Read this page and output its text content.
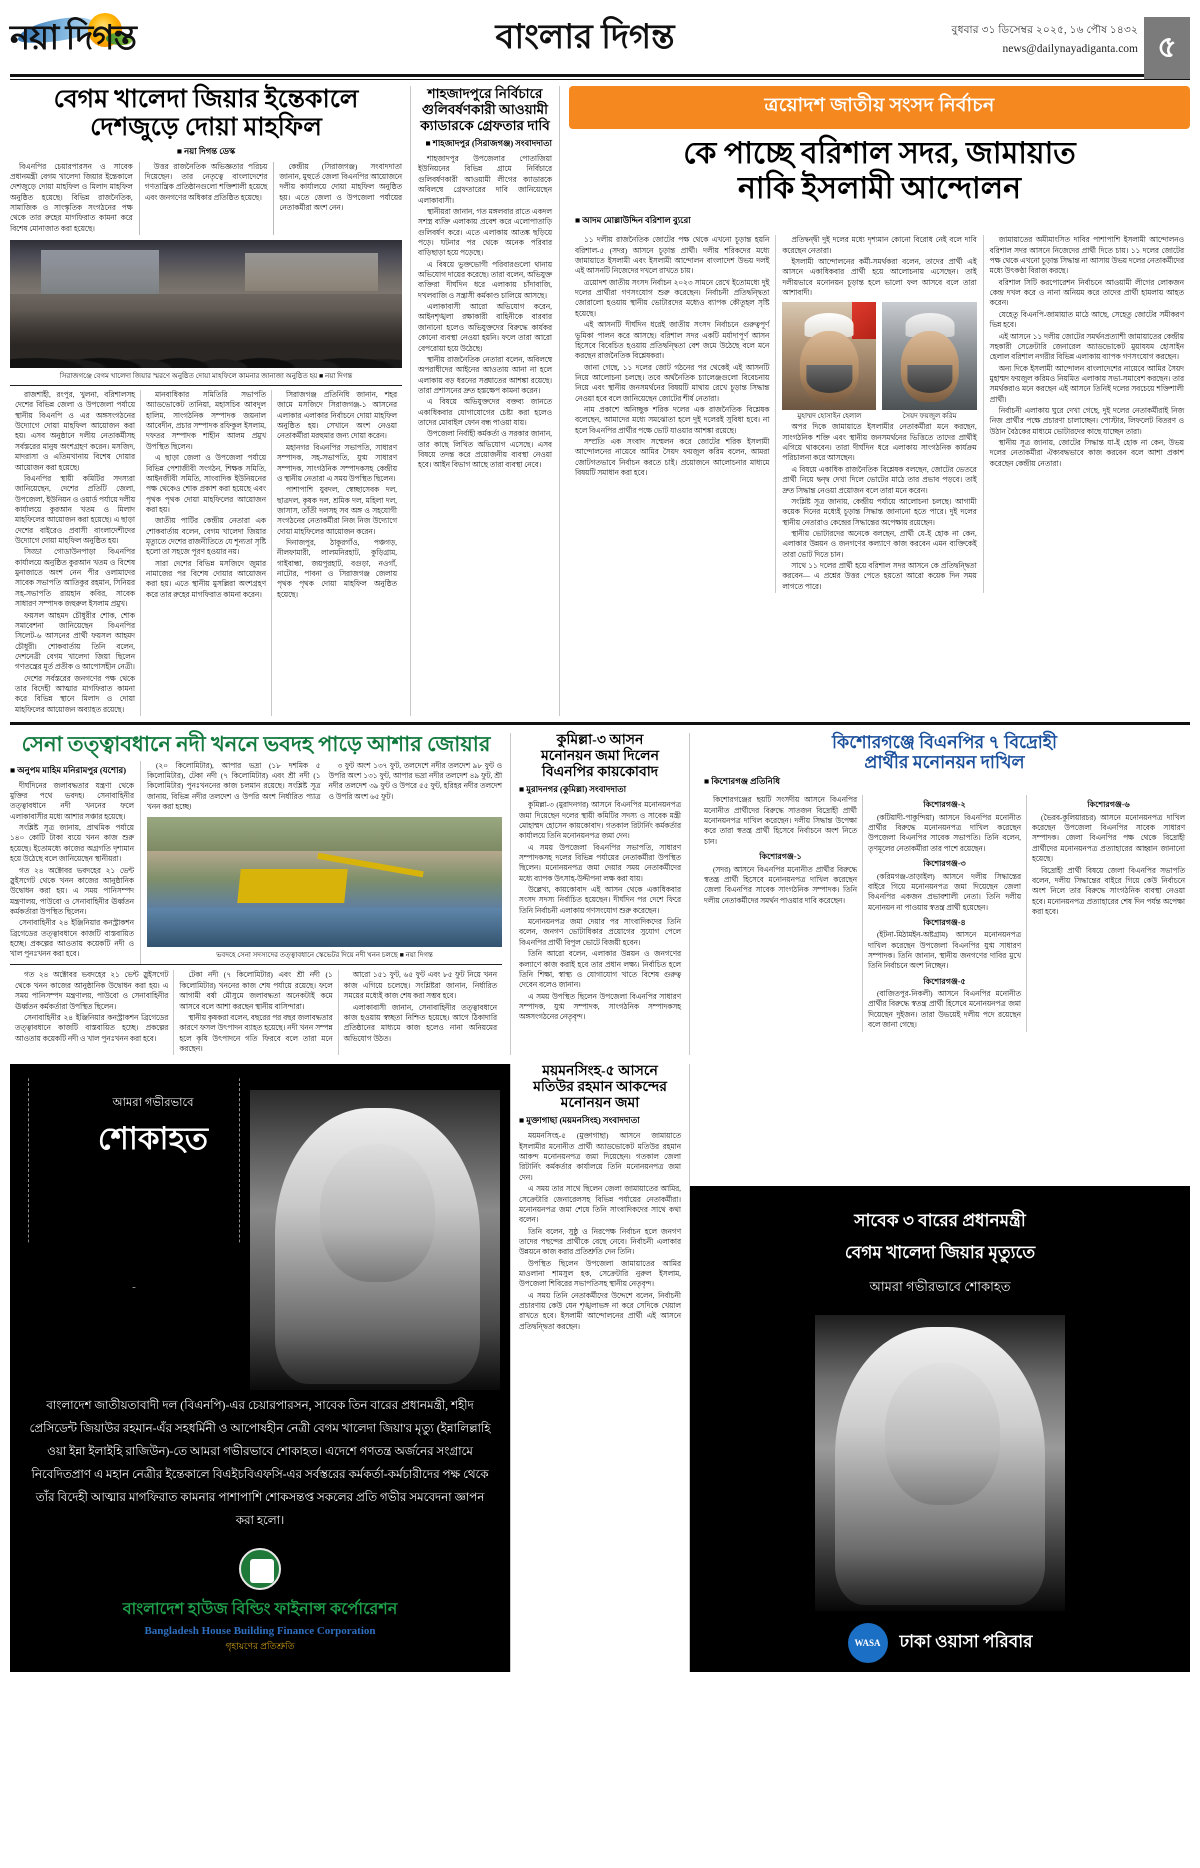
নয়া দিগন্ত	বাংলার দিগন্ত	বুধবার ৩১ ডিসেম্বর ২০২৫, ১৬ পৌষ ১৪৩২
news@dailynayadiganta.com ৫
বেগম খালেদা জিয়ার ইন্তেকালে
দেশজুড়ে দোয়া মাহফিল
■ নয়া দিগন্ত ডেস্ক

বিএনপির চেয়ারপারসন ও সাবেক প্রধানমন্ত্রী বেগম খালেদা জিয়ার ইন্তেকালে দেশজুড়ে দোয়া মাহফিল ও মিলাদ মাহফিল অনুষ্ঠিত হয়েছে। বিভিন্ন রাজনৈতিক, সামাজিক ও সাংস্কৃতিক সংগঠনের পক্ষ থেকে তার রুহের মাগফিরাত কামনা করে বিশেষ মোনাজাত করা হয়েছে।

উত্তর রাজনৈতিক অভিজ্ঞতার পরিচয় দিয়েছেন। তার নেতৃত্বে বাংলাদেশের গণতান্ত্রিক প্রতিষ্ঠানগুলো শক্তিশালী হয়েছে এবং জনগণের অধিকার প্রতিষ্ঠিত হয়েছে।

কেন্দ্রীয় (সিরাজগঞ্জ) সংবাদদাতা জানান, মুহুর্তে জেলা বিএনপির আয়োজনে দলীয় কার্যালয়ে দোয়া মাহফিল অনুষ্ঠিত হয়। এতে জেলা ও উপজেলা পর্যায়ের নেতাকর্মীরা অংশ নেন।

সিরাজগঞ্জে বেগম খালেদা জিয়ার স্মরণে অনুষ্ঠিত দোয়া মাহফিলে কামনার জানাজা অনুষ্ঠিত হয় ■ নয়া দিগন্ত

রাজশাহী, রংপুর, খুলনা, বরিশালসহ দেশের বিভিন্ন জেলা ও উপজেলা পর্যায়ে স্থানীয় বিএনপি ও এর অঙ্গসংগঠনের উদ্যোগে দোয়া মাহফিল আয়োজন করা হয়। এসব অনুষ্ঠানে দলীয় নেতাকর্মীসহ সর্বস্তরের মানুষ অংশগ্রহণ করেন। মসজিদ, মাদরাসা ও এতিমখানায় বিশেষ দোয়ার আয়োজন করা হয়েছে।

বিএনপির স্থায়ী কমিটির সদস্যরা জানিয়েছেন, দেশের প্রতিটি জেলা, উপজেলা, ইউনিয়ন ও ওয়ার্ড পর্যায়ে দলীয় কার্যালয়ে কুরআন খতম ও মিলাদ মাহফিলের আয়োজন করা হয়েছে। এ ছাড়া দেশের বাইরেও প্রবাসী বাংলাদেশীদের উদ্যোগে দোয়া মাহফিল অনুষ্ঠিত হয়।

সিড্ডা গোডাউনপাড়া বিএনপির কার্যালয়ে অনুষ্ঠিত কুরআন খতম ও বিশেষ মুনাজাতে অংশ নেন পীর ওলামাদের সাবেক সভাপতি আতিকুর রহমান, সিনিয়র সহ-সভাপতি রায়হান কবির, সাবেক সাধারণ সম্পাদক জহুরুল ইসলাম প্রমুখ।

ফয়সল আহমদ চৌধুরীর শোক, শোক সমাবেশনা জানিয়েছেন বিএনপির সিলেট-৬ আসনের প্রার্থী ফয়সল আহমদ চৌধুরী। শোকবার্তায় তিনি বলেন, দেশনেত্রী বেগম খালেদা জিয়া ছিলেন গণতন্ত্রের মূর্ত প্রতীক ও আপোসহীন নেত্রী।

দেশের সর্বস্তরের জনগণের পক্ষ থেকে তার বিদেহী আত্মার মাগফিরাত কামনা করে বিভিন্ন স্থানে মিলাদ ও দোয়া মাহফিলের আয়োজন অব্যাহত রয়েছে।

মানবাধিকার সমিতিরি সভাপতি অ্যাডভোকেট তানিয়া, মহাসচিব আবদুল হালিম, সাংগঠনিক সম্পাদক জয়নাল আবেদীন, প্রচার সম্পাদক রফিকুল ইসলাম, দফতর সম্পাদক শাহীন আলম প্রমুখ উপস্থিত ছিলেন।

এ ছাড়া জেলা ও উপজেলা পর্যায়ে বিভিন্ন পেশাজীবী সংগঠন, শিক্ষক সমিতি, আইনজীবী সমিতি, সাংবাদিক ইউনিয়নের পক্ষ থেকেও শোক প্রকাশ করা হয়েছে এবং পৃথক পৃথক দোয়া মাহফিলের আয়োজন করা হয়।

জাতীয় পার্টির কেন্দ্রীয় নেতারা এক শোকবার্তায় বলেন, বেগম খালেদা জিয়ার মৃত্যুতে দেশের রাজনীতিতে যে শূন্যতা সৃষ্টি হলো তা সহজে পূরণ হওয়ার নয়।

সারা দেশের বিভিন্ন মসজিদে জুমার নামাজের পর বিশেষ দোয়ার আয়োজন করা হয়। এতে স্থানীয় মুসল্লিরা অংশগ্রহণ করে তার রুহের মাগফিরাত কামনা করেন।

সিরাজগঞ্জ প্রতিনিধি জানান, শহর জামে মসজিদে সিরাজগঞ্জ-১ আসনের এলাকার এলাকার নির্বাচনে দোয়া মাহফিল অনুষ্ঠিত হয়। সেখানে অংশ নেওয়া নেতাকর্মীরা মরহুমার জন্য দোয়া করেন।

মহানগর বিএনপির সভাপতি, সাধারণ সম্পাদক, সহ-সভাপতি, যুগ্ম সাধারণ সম্পাদক, সাংগঠনিক সম্পাদকসহ কেন্দ্রীয় ও স্থানীয় নেতারা এ সময় উপস্থিত ছিলেন।

পাশাপাশি যুবদল, স্বেচ্ছাসেবক দল, ছাত্রদল, কৃষক দল, শ্রমিক দল, মহিলা দল, জাসাস, তাঁতী দলসহ সব অঙ্গ ও সহযোগী সংগঠনের নেতাকর্মীরা নিজ নিজ উদ্যোগে দোয়া মাহফিলের আয়োজন করেন।

দিনাজপুর, ঠাকুরগাঁও, পঞ্চগড়, নীলফামারী, লালমনিরহাট, কুড়িগ্রাম, গাইবান্ধা, জয়পুরহাট, বগুড়া, নওগাঁ, নাটোর, পাবনা ও সিরাজগঞ্জ জেলায় পৃথক পৃথক দোয়া মাহফিল অনুষ্ঠিত হয়েছে।

শাহজাদপুরে নির্বিচারে
গুলিবর্ষণকারী আওয়ামী
ক্যাডারকে গ্রেফতার দাবি
■ শাহজাদপুর (সিরাজগঞ্জ) সংবাদদাতা

শাহজাদপুর উপজেলার পোতাজিয়া ইউনিয়নের বিভিন্ন গ্রামে নির্বিচারে গুলিবর্ষণকারী আওয়ামী লীগের ক্যাডারকে অবিলম্বে গ্রেফতারের দাবি জানিয়েছেন এলাকাবাসী।

স্থানীয়রা জানান, গত মঙ্গলবার রাতে একদল সশস্ত্র ব্যক্তি এলাকায় প্রবেশ করে এলোপাতাড়ি গুলিবর্ষণ করে। এতে এলাকায় আতঙ্ক ছড়িয়ে পড়ে। ঘটনার পর থেকে অনেক পরিবার বাড়িছাড়া হয়ে পড়েছে।

এ বিষয়ে ভুক্তভোগী পরিবারগুলো থানায় অভিযোগ দায়ের করেছে। তারা বলেন, অভিযুক্ত ব্যক্তিরা দীর্ঘদিন ধরে এলাকায় চাঁদাবাজি, দখলবাজি ও সন্ত্রাসী কর্মকাণ্ড চালিয়ে আসছে।

এলাকাবাসী আরো অভিযোগ করেন, আইনশৃঙ্খলা রক্ষাকারী বাহিনীকে বারবার জানানো হলেও অভিযুক্তদের বিরুদ্ধে কার্যকর কোনো ব্যবস্থা নেওয়া হয়নি। ফলে তারা আরো বেপরোয়া হয়ে উঠেছে।

স্থানীয় রাজনৈতিক নেতারা বলেন, অবিলম্বে অপরাধীদের আইনের আওতায় আনা না হলে এলাকায় বড় ধরনের সঙ্ঘাতের আশঙ্কা রয়েছে। তারা প্রশাসনের দ্রুত হস্তক্ষেপ কামনা করেন।

এ বিষয়ে অভিযুক্তদের বক্তব্য জানতে একাধিকবার যোগাযোগের চেষ্টা করা হলেও তাদের মোবাইল ফোন বন্ধ পাওয়া যায়।

উপজেলা নির্বাহী কর্মকর্তা ও সরকার জানান, তার কাছে লিখিত অভিযোগ এসেছে। এসব বিষয়ে তদন্ত করে প্রয়োজনীয় ব্যবস্থা নেওয়া হবে। আইন বিভাগ আছে তারা ব্যবস্থা নেবে।

ত্রয়োদশ জাতীয় সংসদ নির্বাচন
কে পাচ্ছে বরিশাল সদর, জামায়াত
নাকি ইসলামী আন্দোলন
■ আদম মোল্লাউদ্দিন বরিশাল ব্যুরো

১১ দলীয় রাজনৈতিক জোটের পক্ষ থেকে এখনো চূড়ান্ত হয়নি বরিশাল-৫ (সদর) আসনে চূড়ান্ত প্রার্থী। দলীয় শরিকদের মধ্যে জামায়াতে ইসলামী এবং ইসলামী আন্দোলন বাংলাদেশ উভয় দলই এই আসনটি নিজেদের দখলে রাখতে চায়।

ত্রয়োদশ জাতীয় সংসদ নির্বাচন ২০২৩ সামনে রেখে ইতোমধ্যে দুই দলের প্রার্থীরা গণসংযোগ শুরু করেছেন। নির্বাচনী প্রতিদ্বন্দ্বিতা জোরালো হওয়ায় স্থানীয় ভোটারদের মধ্যেও ব্যাপক কৌতূহল সৃষ্টি হয়েছে।

এই আসনটি দীর্ঘদিন ধরেই জাতীয় সংসদ নির্বাচনে গুরুত্বপূর্ণ ভূমিকা পালন করে আসছে। বরিশাল সদর একটি মর্যাদাপূর্ণ আসন হিসেবে বিবেচিত হওয়ায় প্রতিদ্বন্দ্বিতা বেশ জমে উঠেছে বলে মনে করছেন রাজনৈতিক বিশ্লেষকরা।

জানা গেছে, ১১ দলের জোট গঠনের পর থেকেই এই আসনটি নিয়ে আলোচনা চলছে। তবে অর্থনৈতিক চ্যালেঞ্জগুলো বিবেচনায় নিয়ে এবং স্থানীয় জনসমর্থনের বিষয়টি মাথায় রেখে চূড়ান্ত সিদ্ধান্ত নেওয়া হবে বলে জানিয়েছেন জোটের শীর্ষ নেতারা।

নাম প্রকাশে অনিচ্ছুক শরিক দলের এক রাজনৈতিক বিশ্লেষক বলেছেন, আমাদের মধ্যে সমঝোতা হলে দুই দলেরই সুবিধা হবে। না হলে বিএনপির প্রার্থীর পক্ষে ভোট যাওয়ার আশঙ্কা রয়েছে।

সম্প্রতি এক সংবাদ সম্মেলন করে জোটের শরিক ইসলামী আন্দোলনের নায়েবে আমির সৈয়দ ফয়জুল করিম বলেন, আমরা জোটগতভাবে নির্বাচন করতে চাই। প্রয়োজনে আলোচনার মাধ্যমে বিষয়টি সমাধান করা হবে।

প্রতিদ্বন্দ্বী দুই দলের মধ্যে দৃশ্যমান কোনো বিরোধ নেই বলে দাবি করেছেন নেতারা।

ইসলামী আন্দোলনের কর্মী-সমর্থকরা বলেন, তাদের প্রার্থী এই আসনে একাধিকবার প্রার্থী হয়ে আলোচনায় এসেছেন। তাই দলীয়ভাবে মনোনয়ন চূড়ান্ত হলে ভালো ফল আসবে বলে তারা আশাবাদী।

মুহাম্মদ হোসাইন হেলাল	সৈয়দ ফয়জুল করিম

অপর দিকে জামায়াতে ইসলামীর নেতাকর্মীরা মনে করছেন, সাংগঠনিক শক্তি এবং স্থানীয় জনসমর্থনের ভিত্তিতে তাদের প্রার্থীই এগিয়ে থাকবেন। তারা দীর্ঘদিন ধরে এলাকায় সাংগঠনিক কার্যক্রম পরিচালনা করে আসছেন।

এ বিষয়ে একাধিক রাজনৈতিক বিশ্লেষক বলছেন, জোটের ভেতরে প্রার্থী নিয়ে দ্বন্দ্ব দেখা দিলে ভোটের মাঠে তার প্রভাব পড়বে। তাই দ্রুত সিদ্ধান্ত নেওয়া প্রয়োজন বলে তারা মনে করেন।

সংশ্লিষ্ট সূত্র জানায়, কেন্দ্রীয় পর্যায়ে আলোচনা চলছে। আগামী কয়েক দিনের মধ্যেই চূড়ান্ত সিদ্ধান্ত জানানো হতে পারে। দুই দলের স্থানীয় নেতারাও কেন্দ্রের সিদ্ধান্তের অপেক্ষায় রয়েছেন।

স্থানীয় ভোটারদের অনেকে বলছেন, প্রার্থী যে-ই হোক না কেন, এলাকার উন্নয়ন ও জনগণের কল্যাণে কাজ করবেন এমন ব্যক্তিকেই তারা ভোট দিতে চান।

সাথে ১১ দলের প্রার্থী হয়ে বরিশাল সদর আসনে কে প্রতিদ্বন্দ্বিতা করবেন— এ প্রশ্নের উত্তর পেতে হয়তো আরো কয়েক দিন সময় লাগতে পারে।

জামায়াতের অমীমাংসিত দাবির পাশাপাশি ইসলামী আন্দোলনও বরিশাল সদর আসনে নিজেদের প্রার্থী দিতে চায়। ১১ দলের জোটের পক্ষ থেকে এখনো চূড়ান্ত সিদ্ধান্ত না আসায় উভয় দলের নেতাকর্মীদের মধ্যে উৎকণ্ঠা বিরাজ করছে।

বরিশাল সিটি করপোরেশন নির্বাচনে আওয়ামী লীগের লোকজন কেন্দ্র দখল করে ও নানা অনিয়ম করে তাদের প্রার্থী হামলায় আহত করেন।

যেহেতু বিএনপি-জামায়াত মাঠে আছে, সেহেতু জোটের সমীকরণ ভিন্ন হবে।

এই আসনে ১১ দলীয় জোটের সমর্থনপ্রত্যাশী জামায়াতের কেন্দ্রীয় সহকারী সেক্রেটারি জেনারেল অ্যাডভোকেট মুয়াযযম হোসাইন হেলাল বরিশাল নগরীর বিভিন্ন এলাকায় ব্যাপক গণসংযোগ করছেন।

অন্য দিকে ইসলামী আন্দোলন বাংলাদেশের নায়েবে আমির সৈয়দ মুহাম্মদ ফয়জুল করিমও নিয়মিত এলাকায় সভা-সমাবেশ করছেন। তার সমর্থকরাও মনে করছেন এই আসনে তিনিই দলের সবচেয়ে শক্তিশালী প্রার্থী।

নির্বাচনী এলাকায় ঘুরে দেখা গেছে, দুই দলের নেতাকর্মীরাই নিজ নিজ প্রার্থীর পক্ষে প্রচারণা চালাচ্ছেন। পোস্টার, লিফলেট বিতরণ ও উঠান বৈঠকের মাধ্যমে ভোটারদের কাছে যাচ্ছেন তারা।

স্থানীয় সূত্র জানায়, জোটের সিদ্ধান্ত যা-ই হোক না কেন, উভয় দলের নেতাকর্মীরা ঐক্যবদ্ধভাবে কাজ করবেন বলে আশা প্রকাশ করেছেন কেন্দ্রীয় নেতারা।

সেনা তত্ত্বাবধানে নদী খননে ভবদহ পাড়ে আশার জোয়ার
■ অনুপম মাহিম মনিরামপুর (যশোর)

দীর্ঘদিনের জলাবদ্ধতার যন্ত্রণা থেকে মুক্তির পথে ভবদহ। সেনাবাহিনীর তত্ত্বাবধানে নদী খননের ফলে এলাকাবাসীর মধ্যে আশার সঞ্চার হয়েছে।

সংশ্লিষ্ট সূত্র জানায়, প্রাথমিক পর্যায়ে ১৪০ কোটি টাকা ব্যয়ে খনন কাজ শুরু হয়েছে। ইতোমধ্যে কাজের অগ্রগতি দৃশ্যমান হয়ে উঠেছে বলে জানিয়েছেন স্থানীয়রা।

গত ২৪ অক্টোবর ভবদহের ২১ ভেন্ট স্লুইসগেট থেকে খনন কাজের আনুষ্ঠানিক উদ্বোধন করা হয়। এ সময় পানিসম্পদ মন্ত্রণালয়, পাউবো ও সেনাবাহিনীর ঊর্ধ্বতন কর্মকর্তারা উপস্থিত ছিলেন।

সেনাবাহিনীর ২৪ ইঞ্জিনিয়ার কনস্ট্রাকশন ব্রিগেডের তত্ত্বাবধানে কাজটি বাস্তবায়িত হচ্ছে। প্রকল্পের আওতায় কয়েকটি নদী ও খাল পুনঃখনন করা হবে।

(২০ কিলোমিটার), আপার ভদ্রা (১৮ দশমিক ৫ কিলোমিটার), টেকা নদী (৭ কিলোমিটার) এবং শ্রী নদী (১ কিলোমিটার) পুনঃখননের কাজ চলমান রয়েছে। সংশ্লিষ্ট সূত্র জানায়, বিভিন্ন নদীর তলদেশ ও উপরি অংশ নির্ধারিত প্যাত্র খনন করা হচ্ছে।

৩ ফুট অংশ ১৩৭ ফুট, তলদেশে নদীর তলদেশ ৯৮ ফুট ও উপরি অংশ ১৩১ ফুট, আপার ভদ্রা নদীর তলদেশ ৪৯ ফুট, শ্রী নদীর তলদেশ ৩৯ ফুট ও উপরে ৫৫ ফুট, হরিহর নদীর তলদেশ ও উপরি অংশ ৬৫ ফুট।

ভবদহে সেনা সদস্যদের তত্ত্বাবধানে স্কেভেটর দিয়ে নদী খনন চলছে ■ নয়া দিগন্ত

গত ২৪ অক্টোবর ভবদহের ২১ ভেন্ট স্লুইসগেট থেকে খনন কাজের আনুষ্ঠানিক উদ্বোধন করা হয়। এ সময় পানিসম্পদ মন্ত্রণালয়, পাউবো ও সেনাবাহিনীর ঊর্ধ্বতন কর্মকর্তারা উপস্থিত ছিলেন।

সেনাবাহিনীর ২৪ ইঞ্জিনিয়ার কনস্ট্রাকশন ব্রিগেডের তত্ত্বাবধানে কাজটি বাস্তবায়িত হচ্ছে। প্রকল্পের আওতায় কয়েকটি নদী ও খাল পুনঃখনন করা হবে।

টেকা নদী (৭ কিলোমিটার) এবং শ্রী নদী (১ কিলোমিটার) খননের কাজ শেষ পর্যায়ে রয়েছে। ফলে আগামী বর্ষা মৌসুমে জলাবদ্ধতা অনেকটাই কমে আসবে বলে আশা করছেন স্থানীয় বাসিন্দারা।

স্থানীয় কৃষকরা বলেন, বছরের পর বছর জলাবদ্ধতার কারণে ফসল উৎপাদন ব্যাহত হয়েছে। নদী খনন সম্পন্ন হলে কৃষি উৎপাদনে গতি ফিরবে বলে তারা মনে করছেন।

আরো ১৫১ ফুট, ৬৫ ফুট এবং ৮৫ ফুট নিয়ে খনন কাজ এগিয়ে চলেছে। সংশ্লিষ্টরা জানান, নির্ধারিত সময়ের মধ্যেই কাজ শেষ করা সম্ভব হবে।

এলাকাবাসী জানান, সেনাবাহিনীর তত্ত্বাবধানে কাজ হওয়ায় স্বচ্ছতা নিশ্চিত হয়েছে। আগে ঠিকাদারি প্রতিষ্ঠানের মাধ্যমে কাজ হলেও নানা অনিয়মের অভিযোগ উঠত।

কুমিল্লা-৩ আসন
মনোনয়ন জমা দিলেন
বিএনপির কায়কোবাদ
■ মুরাদনগর (কুমিল্লা) সংবাদদাতা

কুমিল্লা-৩ (মুরাদনগর) আসনে বিএনপির মনোনয়নপত্র জমা দিয়েছেন দলের স্থায়ী কমিটির সদস্য ও সাবেক মন্ত্রী মোহাম্মদ হোসেন কায়কোবাদ। গতকাল রিটার্নিং কর্মকর্তার কার্যালয়ে তিনি মনোনয়নপত্র জমা দেন।

এ সময় উপজেলা বিএনপির সভাপতি, সাধারণ সম্পাদকসহ দলের বিভিন্ন পর্যায়ের নেতাকর্মীরা উপস্থিত ছিলেন। মনোনয়নপত্র জমা দেয়ার সময় নেতাকর্মীদের মধ্যে ব্যাপক উৎসাহ-উদ্দীপনা লক্ষ করা যায়।

উল্লেখ্য, কায়কোবাদ এই আসন থেকে একাধিকবার সংসদ সদস্য নির্বাচিত হয়েছেন। দীর্ঘদিন পর দেশে ফিরে তিনি নির্বাচনী এলাকায় গণসংযোগ শুরু করেছেন।

মনোনয়নপত্র জমা দেয়ার পর সাংবাদিকদের তিনি বলেন, জনগণ ভোটাধিকার প্রয়োগের সুযোগ পেলে বিএনপির প্রার্থী বিপুল ভোটে বিজয়ী হবেন।

তিনি আরো বলেন, এলাকার উন্নয়ন ও জনগণের কল্যাণে কাজ করাই হবে তার প্রধান লক্ষ্য। নির্বাচিত হলে তিনি শিক্ষা, স্বাস্থ্য ও যোগাযোগ খাতে বিশেষ গুরুত্ব দেবেন বলেও জানান।

এ সময় উপস্থিত ছিলেন উপজেলা বিএনপির সাধারণ সম্পাদক, যুগ্ম সম্পাদক, সাংগঠনিক সম্পাদকসহ অঙ্গসংগঠনের নেতৃবৃন্দ।

কিশোরগঞ্জে বিএনপির ৭ বিদ্রোহী
প্রার্থীর মনোনয়ন দাখিল
■ কিশোরগঞ্জ প্রতিনিধি

কিশোরগঞ্জের ছয়টি সংসদীয় আসনে বিএনপির মনোনীত প্রার্থীদের বিরুদ্ধে সাতজন বিদ্রোহী প্রার্থী মনোনয়নপত্র দাখিল করেছেন। দলীয় সিদ্ধান্ত উপেক্ষা করে তারা স্বতন্ত্র প্রার্থী হিসেবে নির্বাচনে অংশ নিতে চান।

কিশোরগঞ্জ-১

(সদর) আসনে বিএনপির মনোনীত প্রার্থীর বিরুদ্ধে স্বতন্ত্র প্রার্থী হিসেবে মনোনয়নপত্র দাখিল করেছেন জেলা বিএনপির সাবেক সাংগঠনিক সম্পাদক। তিনি দলীয় নেতাকর্মীদের সমর্থন পাওয়ার দাবি করেছেন।

কিশোরগঞ্জ-২

(কটিয়াদী-পাকুন্দিয়া) আসনে বিএনপির মনোনীত প্রার্থীর বিরুদ্ধে মনোনয়নপত্র দাখিল করেছেন উপজেলা বিএনপির সাবেক সভাপতি। তিনি বলেন, তৃণমূলের নেতাকর্মীরা তার পাশে রয়েছেন।

কিশোরগঞ্জ-৩

(করিমগঞ্জ-তাড়াইল) আসনে দলীয় সিদ্ধান্তের বাইরে গিয়ে মনোনয়নপত্র জমা দিয়েছেন জেলা বিএনপির একজন প্রভাবশালী নেতা। তিনি দলীয় মনোনয়ন না পাওয়ায় স্বতন্ত্র প্রার্থী হয়েছেন।

কিশোরগঞ্জ-৪

(ইটনা-মিঠামইন-অষ্টগ্রাম) আসনে মনোনয়নপত্র দাখিল করেছেন উপজেলা বিএনপির যুগ্ম সাধারণ সম্পাদক। তিনি জানান, স্থানীয় জনগণের দাবির মুখে তিনি নির্বাচনে অংশ নিচ্ছেন।

কিশোরগঞ্জ-৫

(বাজিতপুর-নিকলী) আসনে বিএনপির মনোনীত প্রার্থীর বিরুদ্ধে স্বতন্ত্র প্রার্থী হিসেবে মনোনয়নপত্র জমা দিয়েছেন দুইজন। তারা উভয়েই দলীয় পদে রয়েছেন বলে জানা গেছে।

কিশোরগঞ্জ-৬

(ভৈরব-কুলিয়ারচর) আসনে মনোনয়নপত্র দাখিল করেছেন উপজেলা বিএনপির সাবেক সাধারণ সম্পাদক। জেলা বিএনপির পক্ষ থেকে বিদ্রোহী প্রার্থীদের মনোনয়নপত্র প্রত্যাহারের আহ্বান জানানো হয়েছে।

বিদ্রোহী প্রার্থী বিষয়ে জেলা বিএনপির সভাপতি বলেন, দলীয় সিদ্ধান্তের বাইরে গিয়ে কেউ নির্বাচনে অংশ নিলে তার বিরুদ্ধে সাংগঠনিক ব্যবস্থা নেওয়া হবে। মনোনয়নপত্র প্রত্যাহারের শেষ দিন পর্যন্ত অপেক্ষা করা হবে।

আমরা গভীরভাবে
শোকাহত
বাংলাদেশ জাতীয়তাবাদী দল (বিএনপি)-এর চেয়ারপারসন, সাবেক তিন বারের প্রধানমন্ত্রী, শহীদ প্রেসিডেন্ট জিয়াউর রহমান-এঁর সহধর্মিনী ও আপোষহীন নেত্রী বেগম খালেদা জিয়া'র মৃত্যু (ইন্নালিল্লাহি ওয়া ইন্না ইলাইহি রাজিউন)-তে আমরা গভীরভাবে শোকাহত। এদেশে গণতন্ত্র অর্জনের সংগ্রামে নিবেদিতপ্রাণ এ মহান নেত্রীর ইন্তেকালে বিএইচবিএফসি-এর সর্বস্তরের কর্মকর্তা-কর্মচারীদের পক্ষ থেকে তাঁর বিদেহী আত্মার মাগফিরাত কামনার পাশাপাশি শোকসন্তপ্ত সকলের প্রতি গভীর সমবেদনা জ্ঞাপন করা হলো।
বাংলাদেশ হাউজ বিল্ডিং ফাইনান্স কর্পোরেশন
Bangladesh House Building Finance Corporation
গৃহায়ণের প্রতিশ্রুতি
ময়মনসিংহ-৫ আসনে
মতিউর রহমান আকন্দের
মনোনয়ন জমা
■ মুক্তাগাছা (ময়মনসিংহ) সংবাদদাতা

ময়মনসিংহ-৫ (মুক্তাগাছা) আসনে জামায়াতে ইসলামীর মনোনীত প্রার্থী অ্যাডভোকেট মতিউর রহমান আকন্দ মনোনয়নপত্র জমা দিয়েছেন। গতকাল জেলা রিটার্নিং কর্মকর্তার কার্যালয়ে তিনি মনোনয়নপত্র জমা দেন।

এ সময় তার সাথে ছিলেন জেলা জামায়াতের আমির, সেক্রেটারি জেনারেলসহ বিভিন্ন পর্যায়ের নেতাকর্মীরা। মনোনয়নপত্র জমা শেষে তিনি সাংবাদিকদের সাথে কথা বলেন।

তিনি বলেন, সুষ্ঠু ও নিরপেক্ষ নির্বাচন হলে জনগণ তাদের পছন্দের প্রার্থীকে বেছে নেবে। নির্বাচনী এলাকার উন্নয়নে কাজ করার প্রতিশ্রুতি দেন তিনি।

উপস্থিত ছিলেন উপজেলা জামায়াতের আমির মাওলানা শামসুল হক, সেক্রেটারি নুরুল ইসলাম, উপজেলা শিবিরের সভাপতিসহ স্থানীয় নেতৃবৃন্দ।

এ সময় তিনি নেতাকর্মীদের উদ্দেশে বলেন, নির্বাচনী প্রচারণায় কেউ যেন শৃঙ্খলাভঙ্গ না করে সেদিকে খেয়াল রাখতে হবে। ইসলামী আন্দোলনের প্রার্থী এই আসনে প্রতিদ্বন্দ্বিতা করছেন।

সাবেক ৩ বারের প্রধানমন্ত্রী
বেগম খালেদা জিয়ার মৃত্যুতে
আমরা গভীরভাবে শোকাহত
WASA ঢাকা ওয়াসা পরিবার
